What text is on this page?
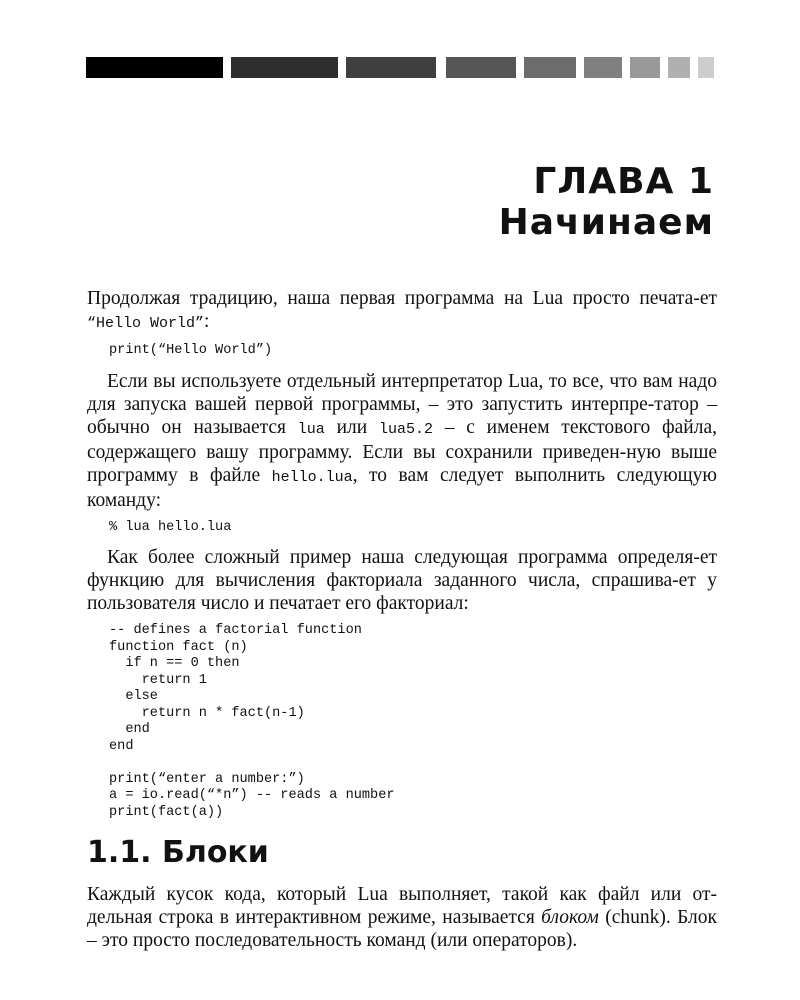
ГЛАВА 1
Начинаем

Продолжая традицию, наша первая программа на Lua просто печата-ет “Hello World”:

print(“Hello World”)

Если вы используете отдельный интерпретатор Lua, то все, что вам надо для запуска вашей первой программы, – это запустить интерпре-татор – обычно он называется lua или lua5.2 – с именем текстового файла, содержащего вашу программу. Если вы сохранили приведен-ную выше программу в файле hello.lua, то вам следует выполнить следующую команду:

% lua hello.lua

Как более сложный пример наша следующая программа определя-ет функцию для вычисления факториала заданного числа, спрашива-ет у пользователя число и печатает его факториал:

-- defines a factorial function
function fact (n)
if n == 0 then
return 1
else
return n * fact(n-1)
end
end

print(“enter a number:”)
a = io.read(“*n”) -- reads a number
print(fact(a))
1.1. Блоки

Каждый кусок кода, который Lua выполняет, такой как файл или от-дельная строка в интерактивном режиме, называется блоком (chunk). Блок – это просто последовательность команд (или операторов).
